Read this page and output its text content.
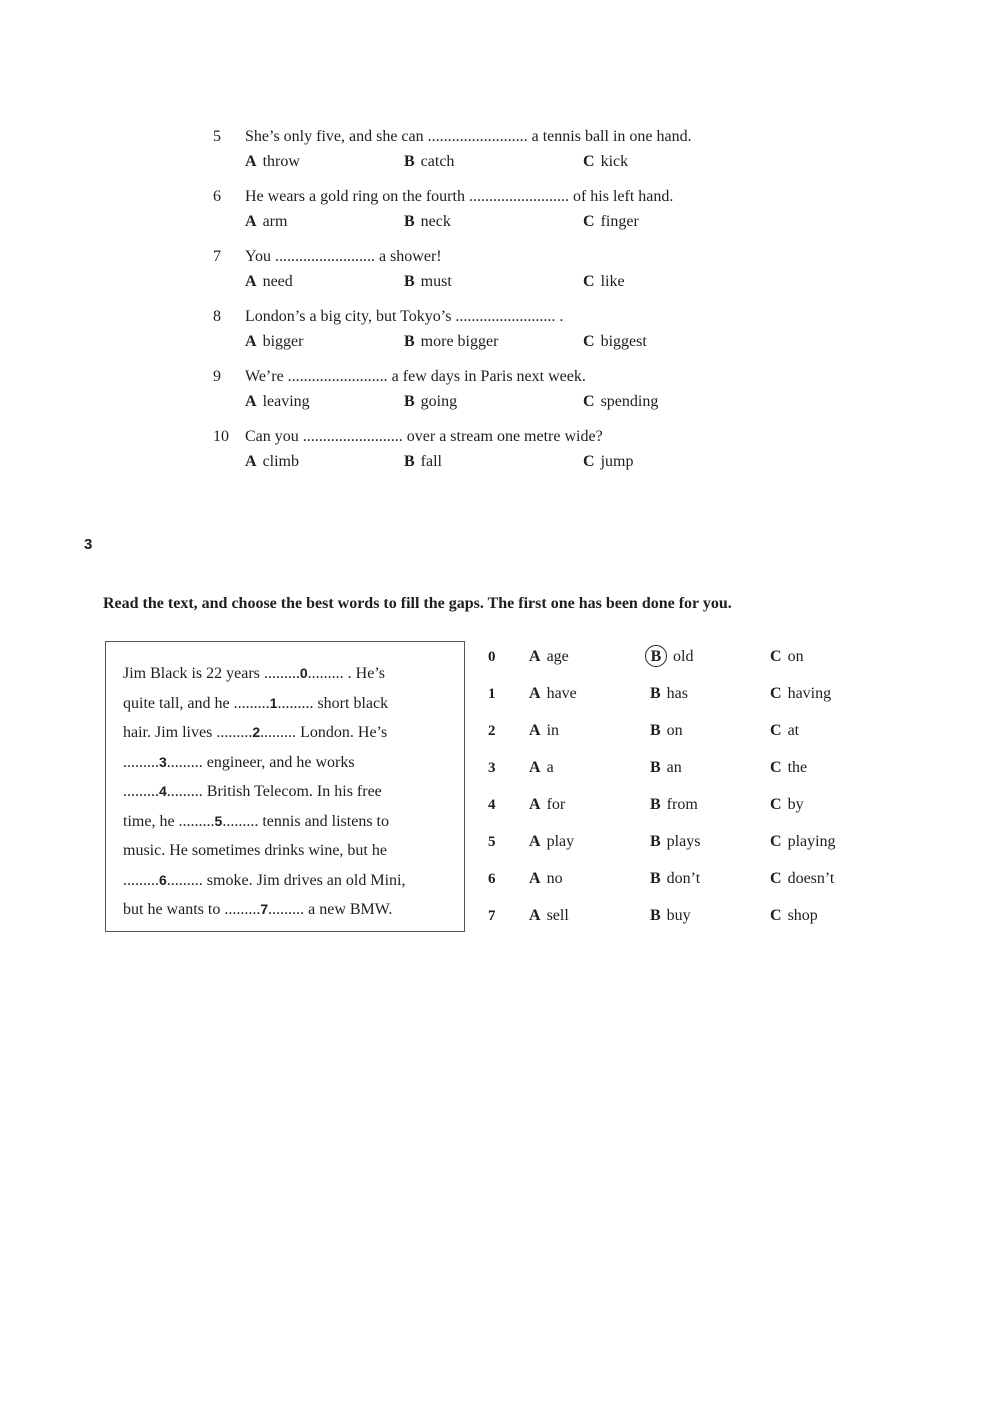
5	She’s only five, and she can ......................... a tennis ball in one hand.
A throw	B catch	C kick
6	He wears a gold ring on the fourth ......................... of his left hand.
A arm	B neck	C finger
7	You ......................... a shower!
A need	B must	C like
8	London’s a big city, but Tokyo’s ......................... .
A bigger	B more bigger	C biggest
9	We’re ......................... a few days in Paris next week.
A leaving	B going	C spending
10	Can you ......................... over a stream one metre wide?
A climb	B fall	C jump
3
Read the text, and choose the best words to fill the gaps. The first one has been done for you.
Jim Black is 22 years .........0......... . He’s
quite tall, and he .........1......... short black
hair. Jim lives .........2......... London. He’s
.........3......... engineer, and he works
.........4......... British Telecom. In his free
time, he .........5......... tennis and listens to
music. He sometimes drinks wine, but he
.........6......... smoke. Jim drives an old Mini,
but he wants to .........7......... a new BMW.
0 A age	B old	C on
1 A have	B has	C having
2 A in	B on	C at
3 A a	B an	C the
4 A for	B from	C by
5 A play	B plays	C playing
6 A no	B don’t	C doesn’t
7 A sell	B buy	C shop
